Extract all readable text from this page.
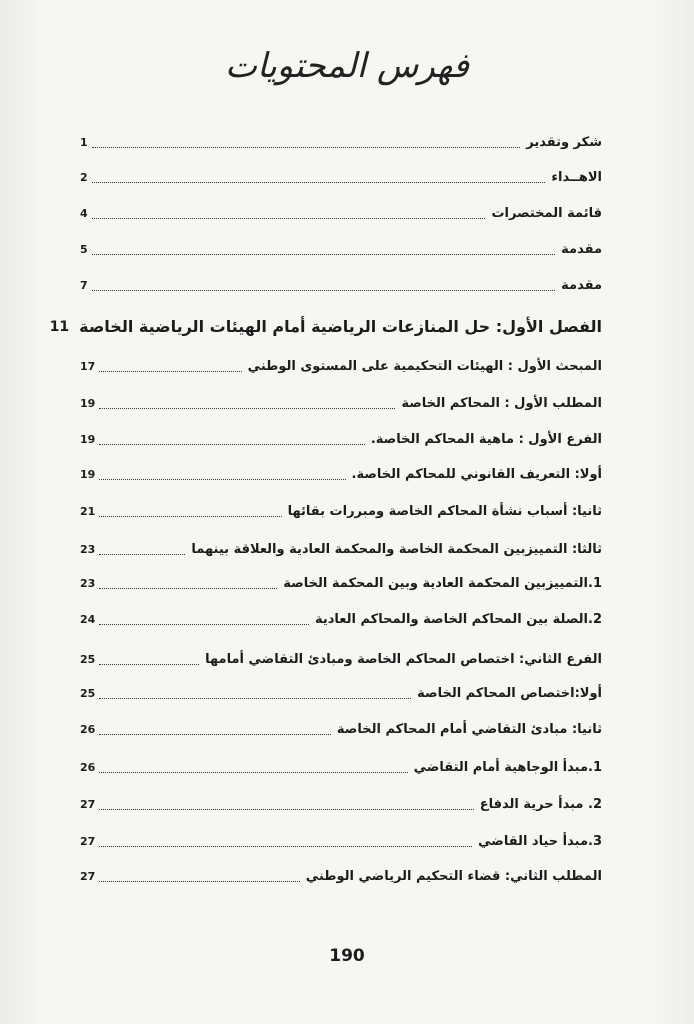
فهرس المحتويات
شكر وتقدير
1
الاهــداء
2
قائمة المختصرات
4
مقدمة
5
مقدمة
7
الفصل الأول: حل المنازعات الرياضية أمام الهيئات الرياضية الخاصة
11
المبحث الأول : الهيئات التحكيمية على المستوى الوطني
17
المطلب الأول : المحاكم الخاصة
19
الفرع الأول : ماهية المحاكم الخاصة.
19
أولا: التعريف القانوني للمحاكم الخاصة.
19
ثانيا: أسباب نشأة المحاكم الخاصة ومبررات بقائها
21
ثالثا: التمييزبين المحكمة الخاصة والمحكمة العادية والعلاقة بينهما
23
1.التمييزبين المحكمة العادية وبين المحكمة الخاصة
23
2.الصلة بين المحاكم الخاصة والمحاكم العادية
24
الفرع الثاني: اختصاص المحاكم الخاصة ومبادئ التقاضي أمامها
25
أولا:اختصاص المحاكم الخاصة
25
ثانيا: مبادئ التقاضي أمام المحاكم الخاصة
26
1.مبدأ الوجاهية أمام التقاضي
26
2. مبدأ حرية الدفاع
27
3.مبدأ حياد القاضي
27
المطلب الثاني: قضاء التحكيم الرياضي الوطني
27
190
